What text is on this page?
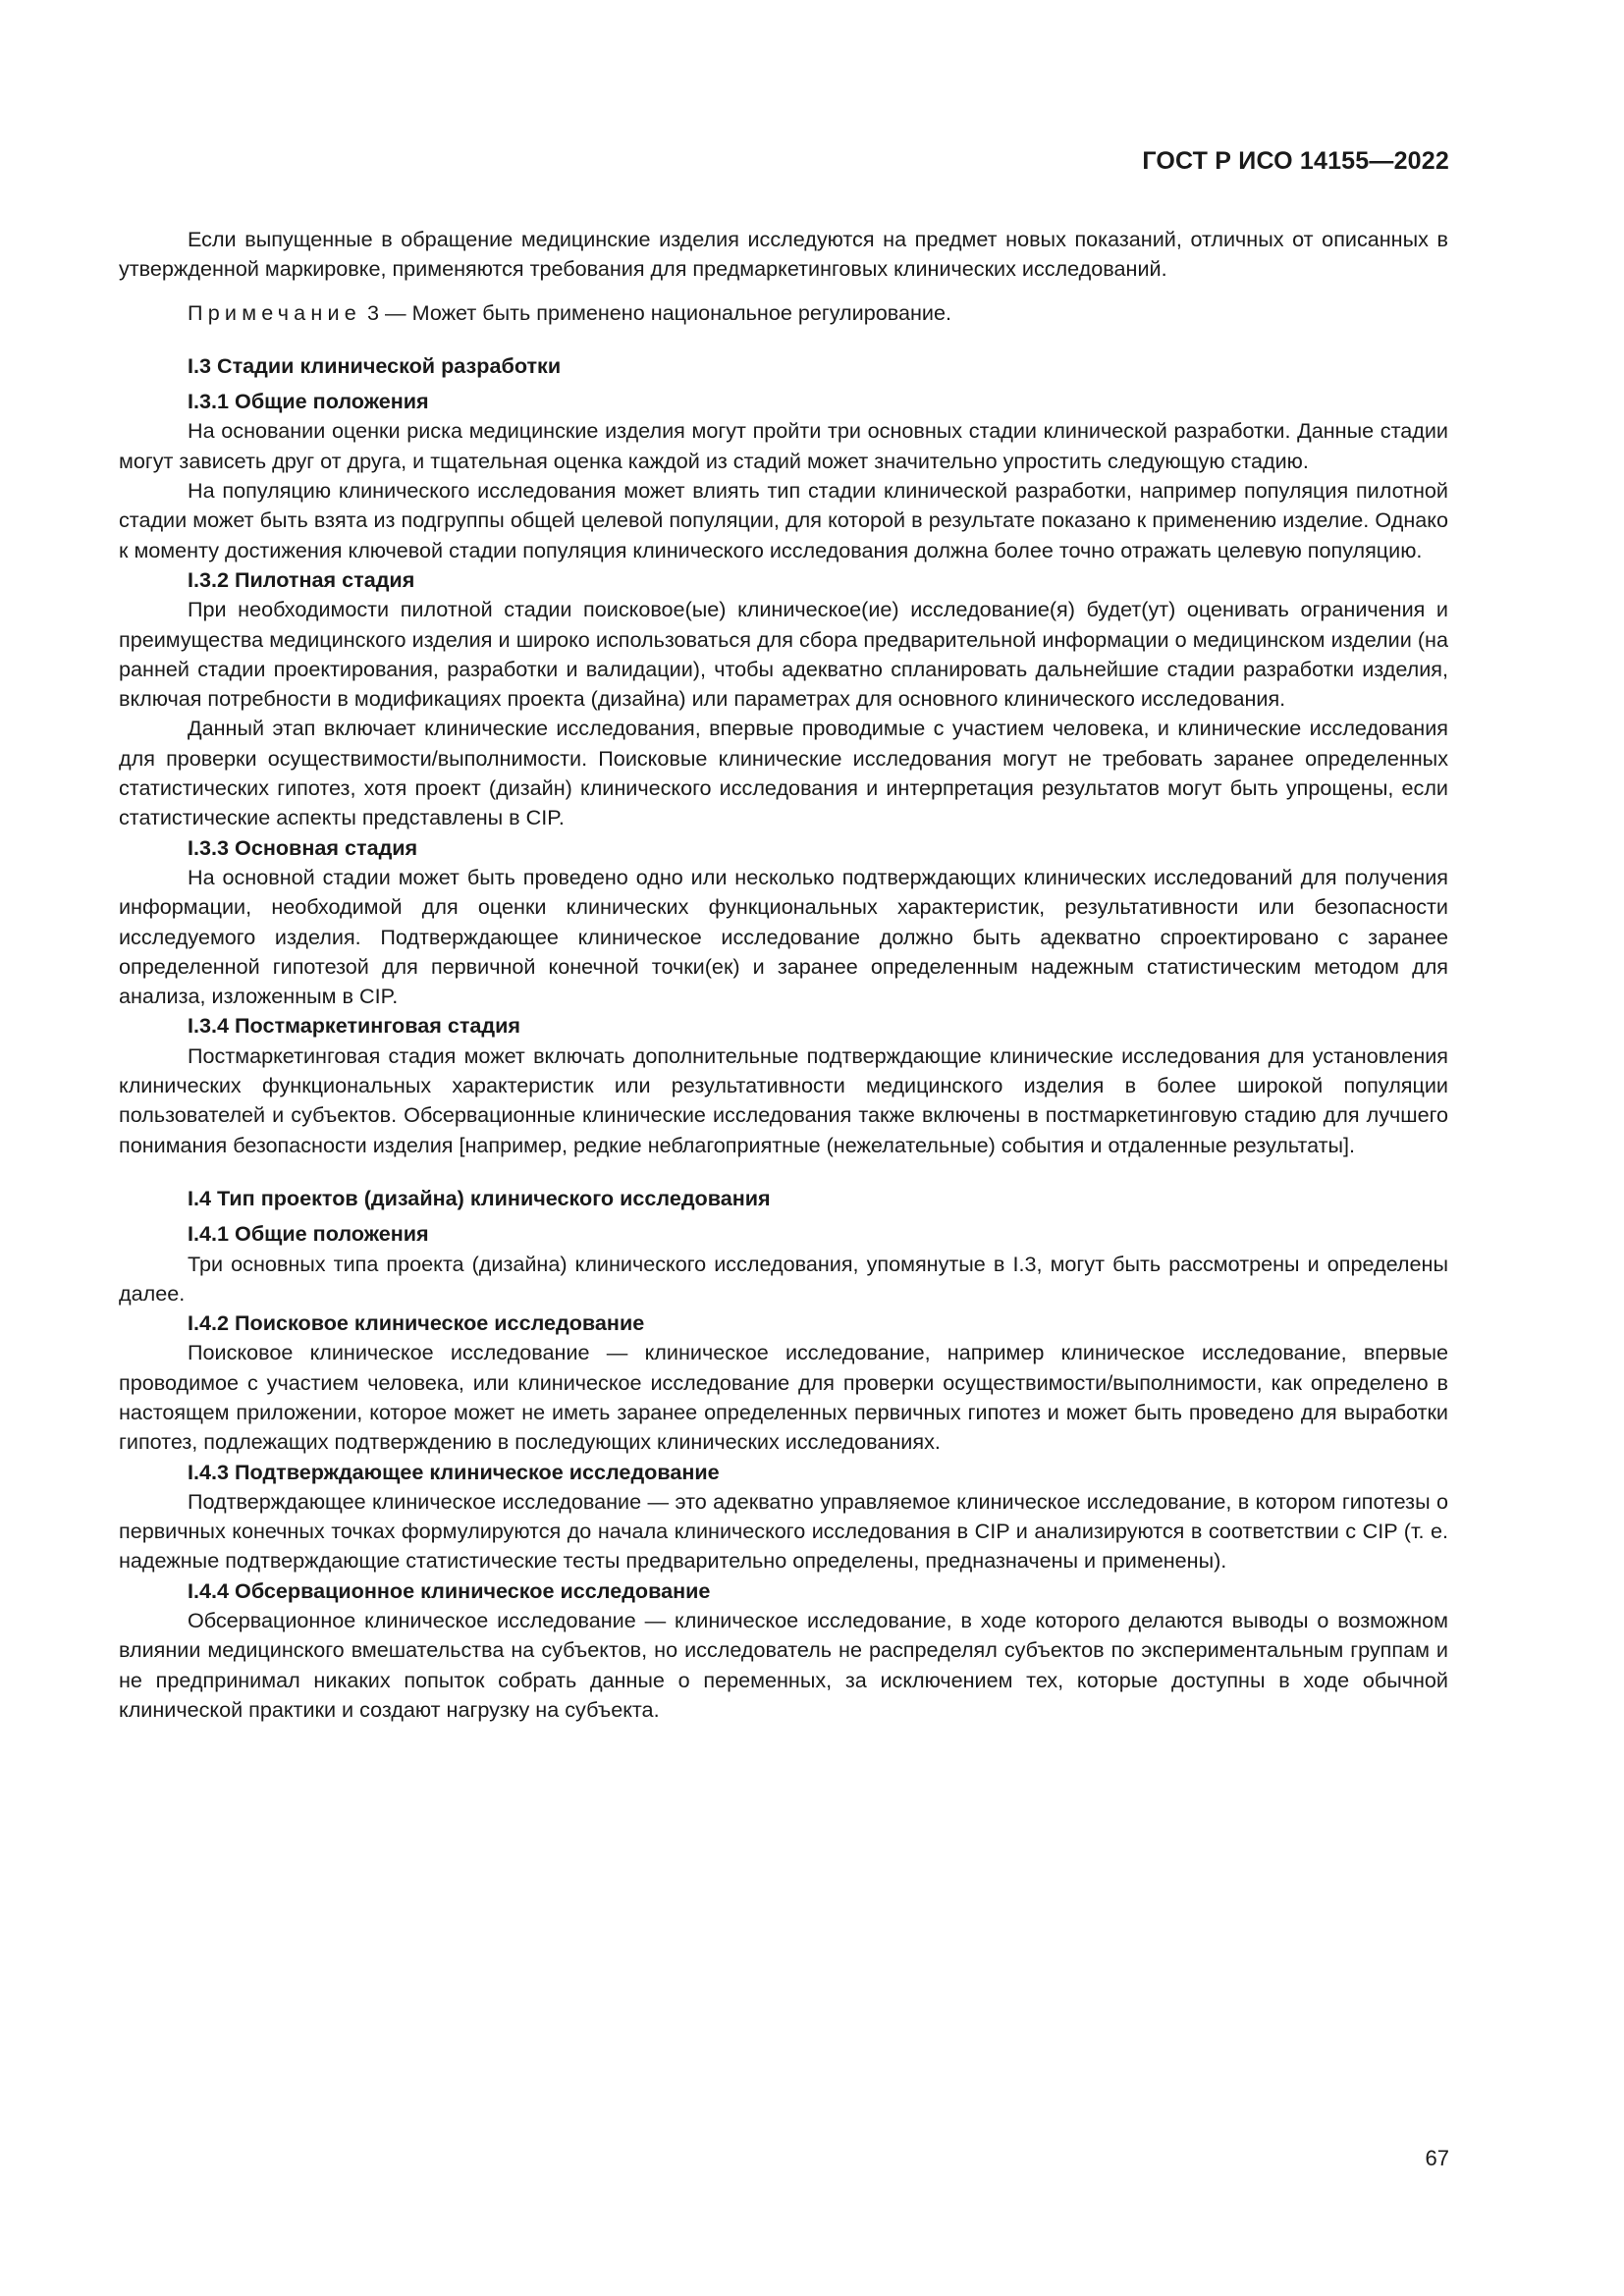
ГОСТ Р ИСО 14155—2022

Если выпущенные в обращение медицинские изделия исследуются на предмет новых показаний, отличных от описанных в утвержденной маркировке, применяются требования для предмаркетинговых клинических исследований.

Примечание 3 — Может быть применено национальное регулирование.

I.3 Стадии клинической разработки
I.3.1 Общие положения

На основании оценки риска медицинские изделия могут пройти три основных стадии клинической разработки. Данные стадии могут зависеть друг от друга, и тщательная оценка каждой из стадий может значительно упростить следующую стадию.

На популяцию клинического исследования может влиять тип стадии клинической разработки, например популяция пилотной стадии может быть взята из подгруппы общей целевой популяции, для которой в результате показано к применению изделие. Однако к моменту достижения ключевой стадии популяция клинического исследования должна более точно отражать целевую популяцию.

I.3.2 Пилотная стадия

При необходимости пилотной стадии поисковое(ые) клиническое(ие) исследование(я) будет(ут) оценивать ограничения и преимущества медицинского изделия и широко использоваться для сбора предварительной информации о медицинском изделии (на ранней стадии проектирования, разработки и валидации), чтобы адекватно спланировать дальнейшие стадии разработки изделия, включая потребности в модификациях проекта (дизайна) или параметрах для основного клинического исследования.

Данный этап включает клинические исследования, впервые проводимые с участием человека, и клинические исследования для проверки осуществимости/выполнимости. Поисковые клинические исследования могут не требовать заранее определенных статистических гипотез, хотя проект (дизайн) клинического исследования и интерпретация результатов могут быть упрощены, если статистические аспекты представлены в CIP.

I.3.3 Основная стадия

На основной стадии может быть проведено одно или несколько подтверждающих клинических исследований для получения информации, необходимой для оценки клинических функциональных характеристик, результативности или безопасности исследуемого изделия. Подтверждающее клиническое исследование должно быть адекватно спроектировано с заранее определенной гипотезой для первичной конечной точки(ек) и заранее определенным надежным статистическим методом для анализа, изложенным в CIP.

I.3.4 Постмаркетинговая стадия

Постмаркетинговая стадия может включать дополнительные подтверждающие клинические исследования для установления клинических функциональных характеристик или результативности медицинского изделия в более широкой популяции пользователей и субъектов. Обсервационные клинические исследования также включены в постмаркетинговую стадию для лучшего понимания безопасности изделия [например, редкие неблагоприятные (нежелательные) события и отдаленные результаты].

I.4 Тип проектов (дизайна) клинического исследования
I.4.1 Общие положения

Три основных типа проекта (дизайна) клинического исследования, упомянутые в I.3, могут быть рассмотрены и определены далее.

I.4.2 Поисковое клиническое исследование

Поисковое клиническое исследование — клиническое исследование, например клиническое исследование, впервые проводимое с участием человека, или клиническое исследование для проверки осуществимости/выполнимости, как определено в настоящем приложении, которое может не иметь заранее определенных первичных гипотез и может быть проведено для выработки гипотез, подлежащих подтверждению в последующих клинических исследованиях.

I.4.3 Подтверждающее клиническое исследование

Подтверждающее клиническое исследование — это адекватно управляемое клиническое исследование, в котором гипотезы о первичных конечных точках формулируются до начала клинического исследования в CIP и анализируются в соответствии с CIP (т. е. надежные подтверждающие статистические тесты предварительно определены, предназначены и применены).

I.4.4 Обсервационное клиническое исследование

Обсервационное клиническое исследование — клиническое исследование, в ходе которого делаются выводы о возможном влиянии медицинского вмешательства на субъектов, но исследователь не распределял субъектов по экспериментальным группам и не предпринимал никаких попыток собрать данные о переменных, за исключением тех, которые доступны в ходе обычной клинической практики и создают нагрузку на субъекта.

67
